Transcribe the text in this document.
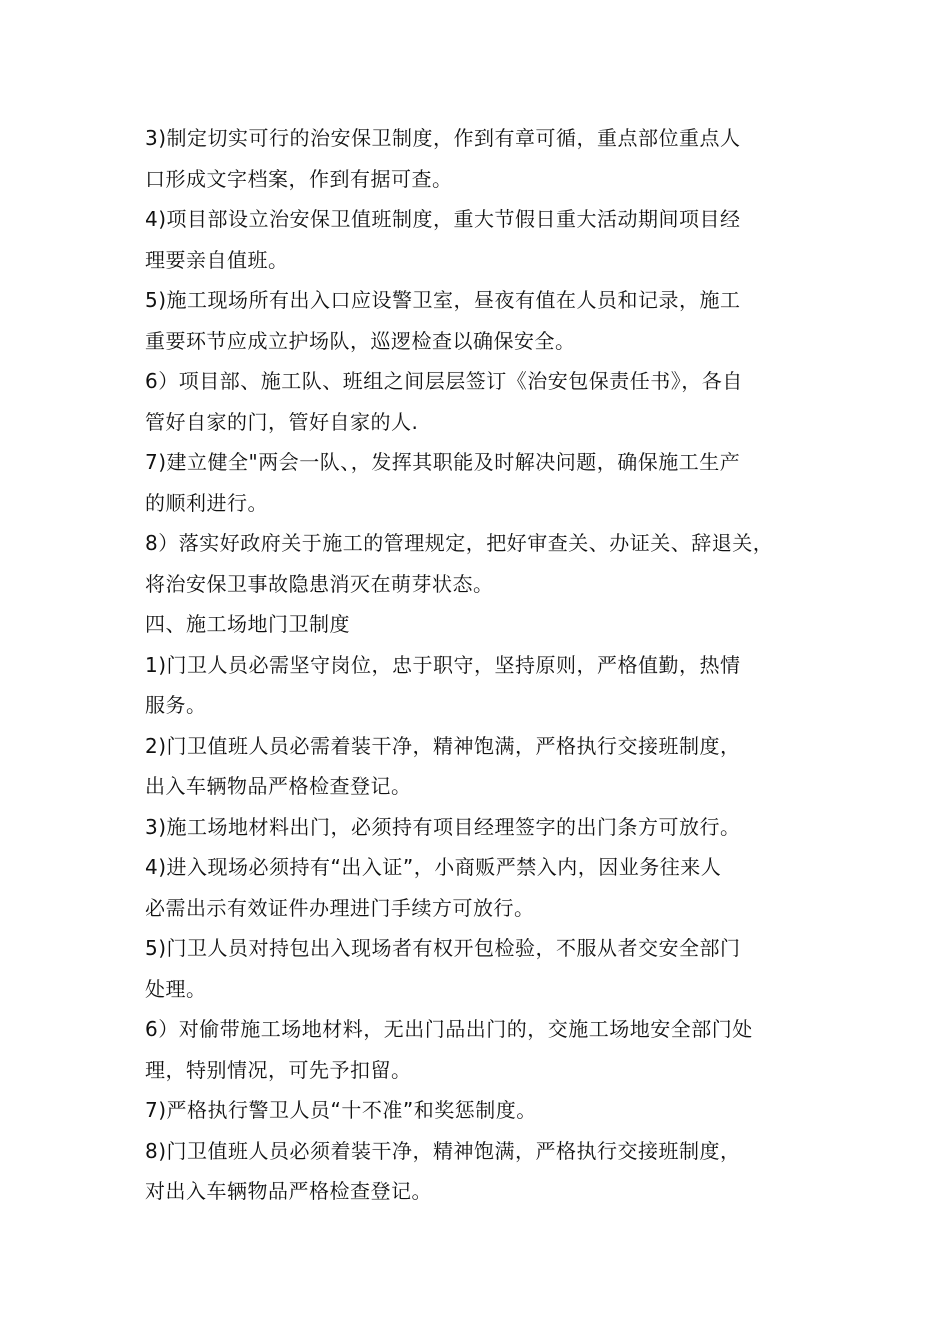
3)制定切实可行的治安保卫制度，作到有章可循，重点部位重点人
口形成文字档案，作到有据可查。

4)项目部设立治安保卫值班制度，重大节假日重大活动期间项目经
理要亲自值班。

5)施工现场所有出入口应设警卫室，昼夜有值在人员和记录，施工
重要环节应成立护场队，巡逻检查以确保安全。

6）项目部、施工队、班组之间层层签订《治安包保责任书》，各自
管好自家的门，管好自家的人.

7)建立健全"两会一队、，发挥其职能及时解决问题，确保施工生产
的顺利进行。

8）落实好政府关于施工的管理规定，把好审查关、办证关、辞退关，
将治安保卫事故隐患消灭在萌芽状态。

四、施工场地门卫制度

1)门卫人员必需坚守岗位，忠于职守，坚持原则，严格值勤，热情
服务。

2)门卫值班人员必需着装干净，精神饱满，严格执行交接班制度，
出入车辆物品严格检查登记。

3)施工场地材料出门，必须持有项目经理签字的出门条方可放行。

4)进入现场必须持有“出入证”，小商贩严禁入内，因业务往来人
必需出示有效证件办理进门手续方可放行。

5)门卫人员对持包出入现场者有权开包检验，不服从者交安全部门
处理。

6）对偷带施工场地材料，无出门品出门的，交施工场地安全部门处
理，特别情况，可先予扣留。

7)严格执行警卫人员“十不准”和奖惩制度。

8)门卫值班人员必须着装干净，精神饱满，严格执行交接班制度，
对出入车辆物品严格检查登记。
